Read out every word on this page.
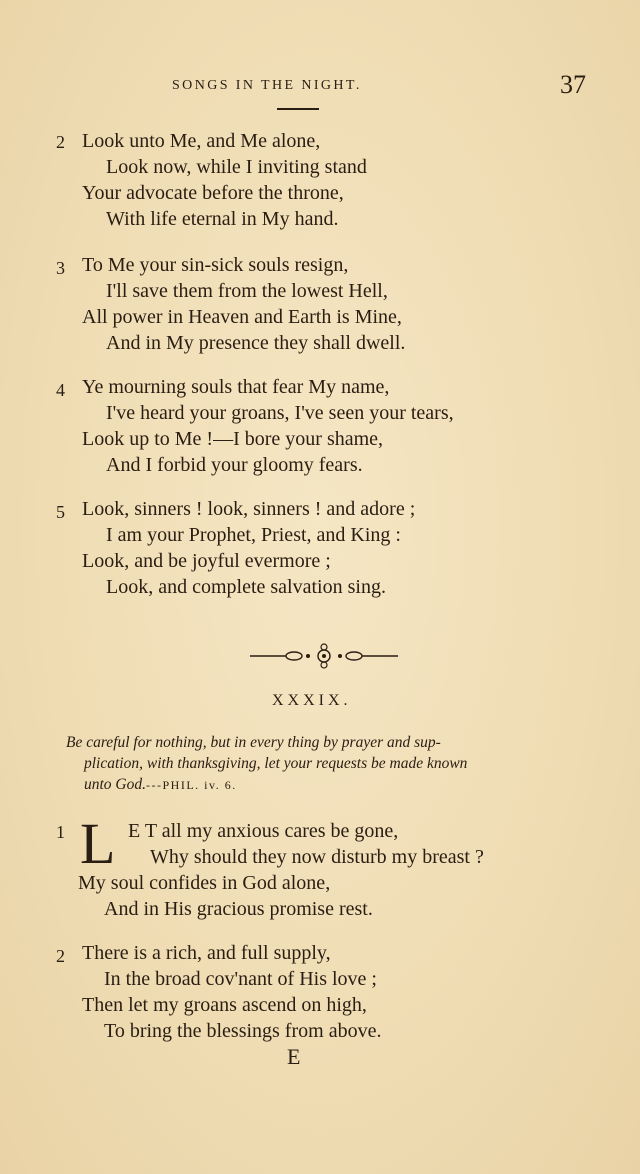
SONGS IN THE NIGHT.	37
2 Look unto Me, and Me alone,
Look now, while I inviting stand
Your advocate before the throne,
With life eternal in My hand.
3 To Me your sin-sick souls resign,
I'll save them from the lowest Hell,
All power in Heaven and Earth is Mine,
And in My presence they shall dwell.
4 Ye mourning souls that fear My name,
I've heard your groans, I've seen your tears,
Look up to Me !—I bore your shame,
And I forbid your gloomy fears.
5 Look, sinners ! look, sinners ! and adore ;
I am your Prophet, Priest, and King :
Look, and be joyful evermore ;
Look, and complete salvation sing.
XXXIX.
Be careful for nothing, but in every thing by prayer and sup-
plication, with thanksgiving, let your requests be made known
unto God.---PHIL. iv. 6.
1 L E T all my anxious cares be gone,
Why should they now disturb my breast ?
My soul confides in God alone,
And in His gracious promise rest.
2 There is a rich, and full supply,
In the broad cov'nant of His love ;
Then let my groans ascend on high,
To bring the blessings from above.
E
